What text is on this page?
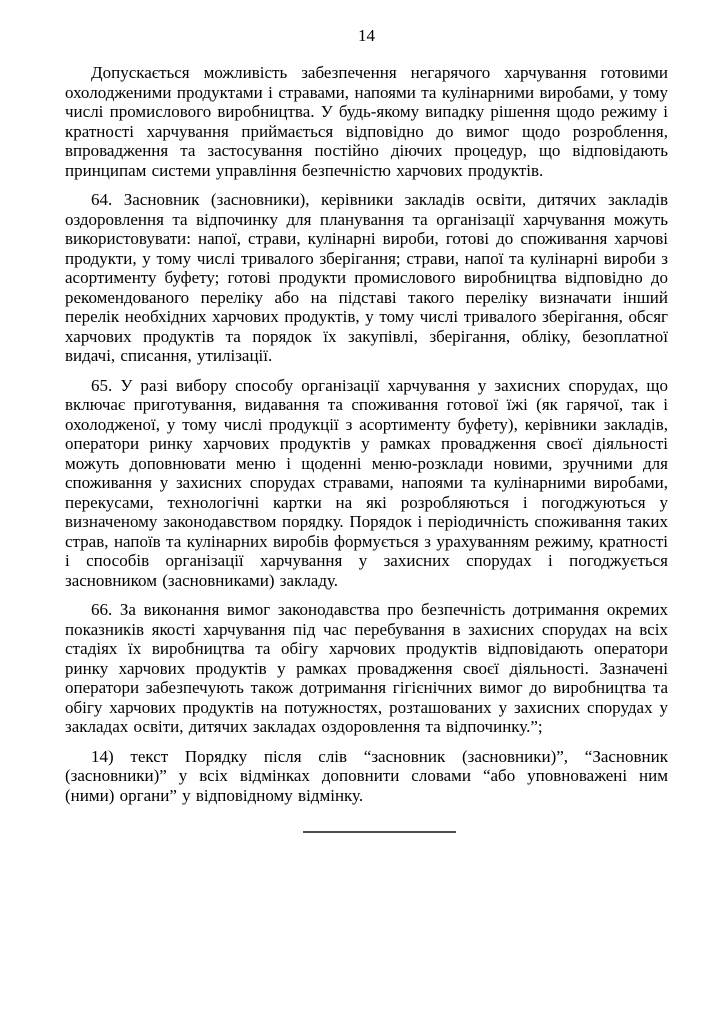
14

Допускається можливість забезпечення негарячого харчування готовими охолодженими продуктами і стравами, напоями та кулінарними виробами, у тому числі промислового виробництва. У будь-якому випадку рішення щодо режиму і кратності харчування приймається відповідно до вимог щодо розроблення, впровадження та застосування постійно діючих процедур, що відповідають принципам системи управління безпечністю харчових продуктів.

64. Засновник (засновники), керівники закладів освіти, дитячих закладів оздоровлення та відпочинку для планування та організації харчування можуть використовувати: напої, страви, кулінарні вироби, готові до споживання харчові продукти, у тому числі тривалого зберігання; страви, напої та кулінарні вироби з асортименту буфету; готові продукти промислового виробництва відповідно до рекомендованого переліку або на підставі такого переліку визначати інший перелік необхідних харчових продуктів, у тому числі тривалого зберігання, обсяг харчових продуктів та порядок їх закупівлі, зберігання, обліку, безоплатної видачі, списання, утилізації.

65. У разі вибору способу організації харчування у захисних спорудах, що включає приготування, видавання та споживання готової їжі (як гарячої, так і охолодженої, у тому числі продукції з асортименту буфету), керівники закладів, оператори ринку харчових продуктів у рамках провадження своєї діяльності можуть доповнювати меню і щоденні меню-розклади новими, зручними для споживання у захисних спорудах стравами, напоями та кулінарними виробами, перекусами, технологічні картки на які розробляються і погоджуються у визначеному законодавством порядку. Порядок і періодичність споживання таких страв, напоїв та кулінарних виробів формується з урахуванням режиму, кратності і способів організації харчування у захисних спорудах і погоджується засновником (засновниками) закладу.

66. За виконання вимог законодавства про безпечність дотримання окремих показників якості харчування під час перебування в захисних спорудах на всіх стадіях їх виробництва та обігу харчових продуктів відповідають оператори ринку харчових продуктів у рамках провадження своєї діяльності. Зазначені оператори забезпечують також дотримання гігієнічних вимог до виробництва та обігу харчових продуктів на потужностях, розташованих у захисних спорудах у закладах освіти, дитячих закладах оздоровлення та відпочинку.”;

14) текст Порядку після слів “засновник (засновники)”, “Засновник (засновники)” у всіх відмінках доповнити словами “або уповноважені ним (ними) органи” у відповідному відмінку.
